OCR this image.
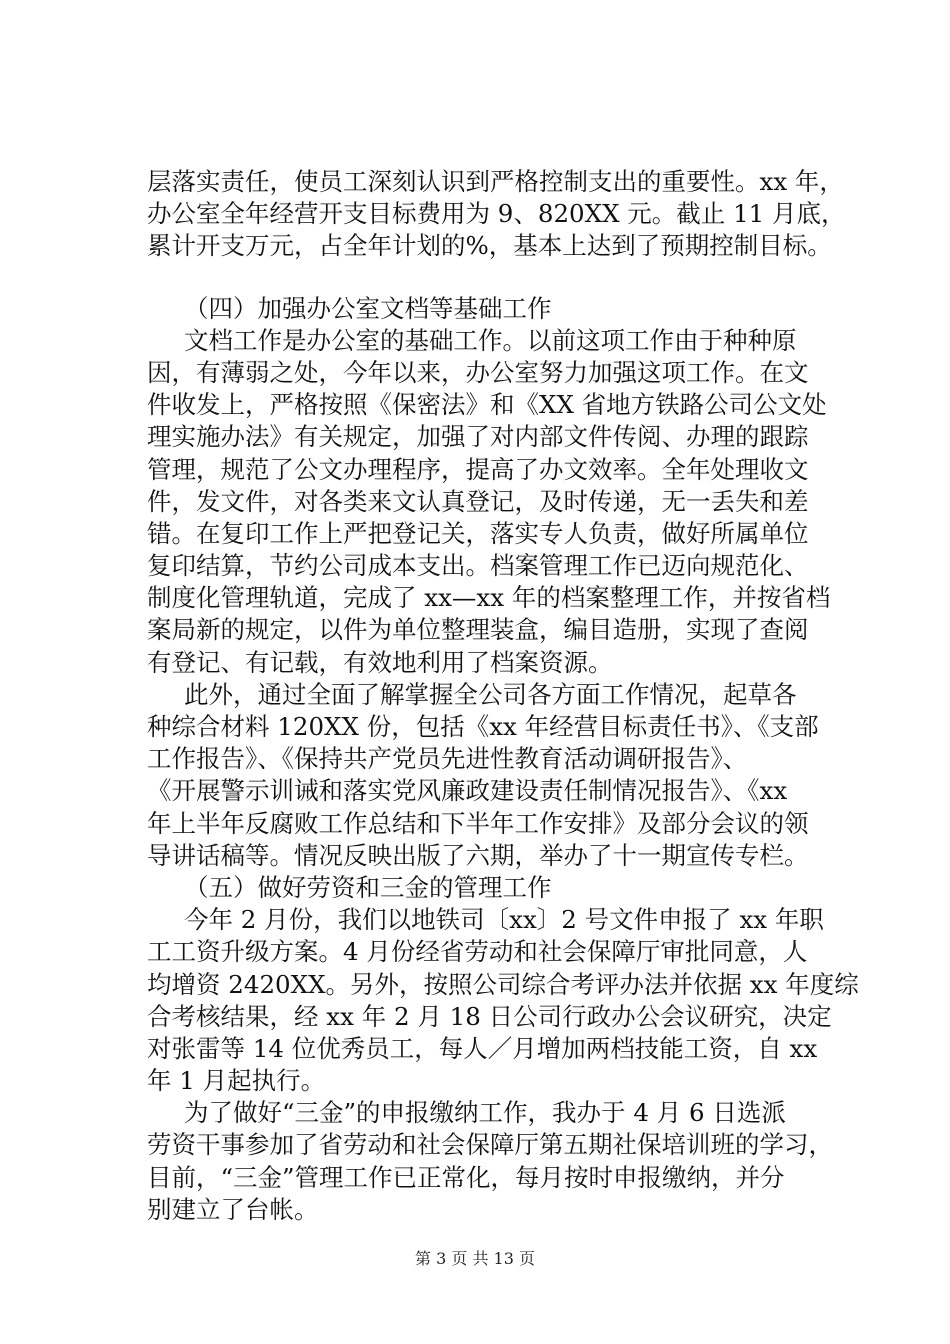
层落实责任，使员工深刻认识到严格控制支出的重要性。xx 年，
办公室全年经营开支目标费用为 9、820XX 元。截止 11 月底，
累计开支万元，占全年计划的%，基本上达到了预期控制目标。
（四）加强办公室文档等基础工作
文档工作是办公室的基础工作。以前这项工作由于种种原
因，有薄弱之处，今年以来，办公室努力加强这项工作。在文
件收发上，严格按照《保密法》和《XX 省地方铁路公司公文处
理实施办法》有关规定，加强了对内部文件传阅、办理的跟踪
管理，规范了公文办理程序，提高了办文效率。全年处理收文
件，发文件，对各类来文认真登记，及时传递，无一丢失和差
错。在复印工作上严把登记关，落实专人负责，做好所属单位
复印结算，节约公司成本支出。档案管理工作已迈向规范化、
制度化管理轨道，完成了 xx—xx 年的档案整理工作，并按省档
案局新的规定，以件为单位整理装盒，编目造册，实现了查阅
有登记、有记载，有效地利用了档案资源。
此外，通过全面了解掌握全公司各方面工作情况，起草各
种综合材料 120XX 份，包括《xx 年经营目标责任书》、《支部
工作报告》、《保持共产党员先进性教育活动调研报告》、
《开展警示训诫和落实党风廉政建设责任制情况报告》、《xx
年上半年反腐败工作总结和下半年工作安排》及部分会议的领
导讲话稿等。情况反映出版了六期，举办了十一期宣传专栏。
（五）做好劳资和三金的管理工作
今年 2 月份，我们以地铁司〔xx〕2 号文件申报了 xx 年职
工工资升级方案。4 月份经省劳动和社会保障厅审批同意，人
均增资 2420XX。另外，按照公司综合考评办法并依据 xx 年度综
合考核结果，经 xx 年 2 月 18 日公司行政办公会议研究，决定
对张雷等 14 位优秀员工，每人／月增加两档技能工资，自 xx
年 1 月起执行。
为了做好“三金”的申报缴纳工作，我办于 4 月 6 日选派
劳资干事参加了省劳动和社会保障厅第五期社保培训班的学习，
目前，“三金”管理工作已正常化，每月按时申报缴纳，并分
别建立了台帐。
第 3 页 共 13 页
